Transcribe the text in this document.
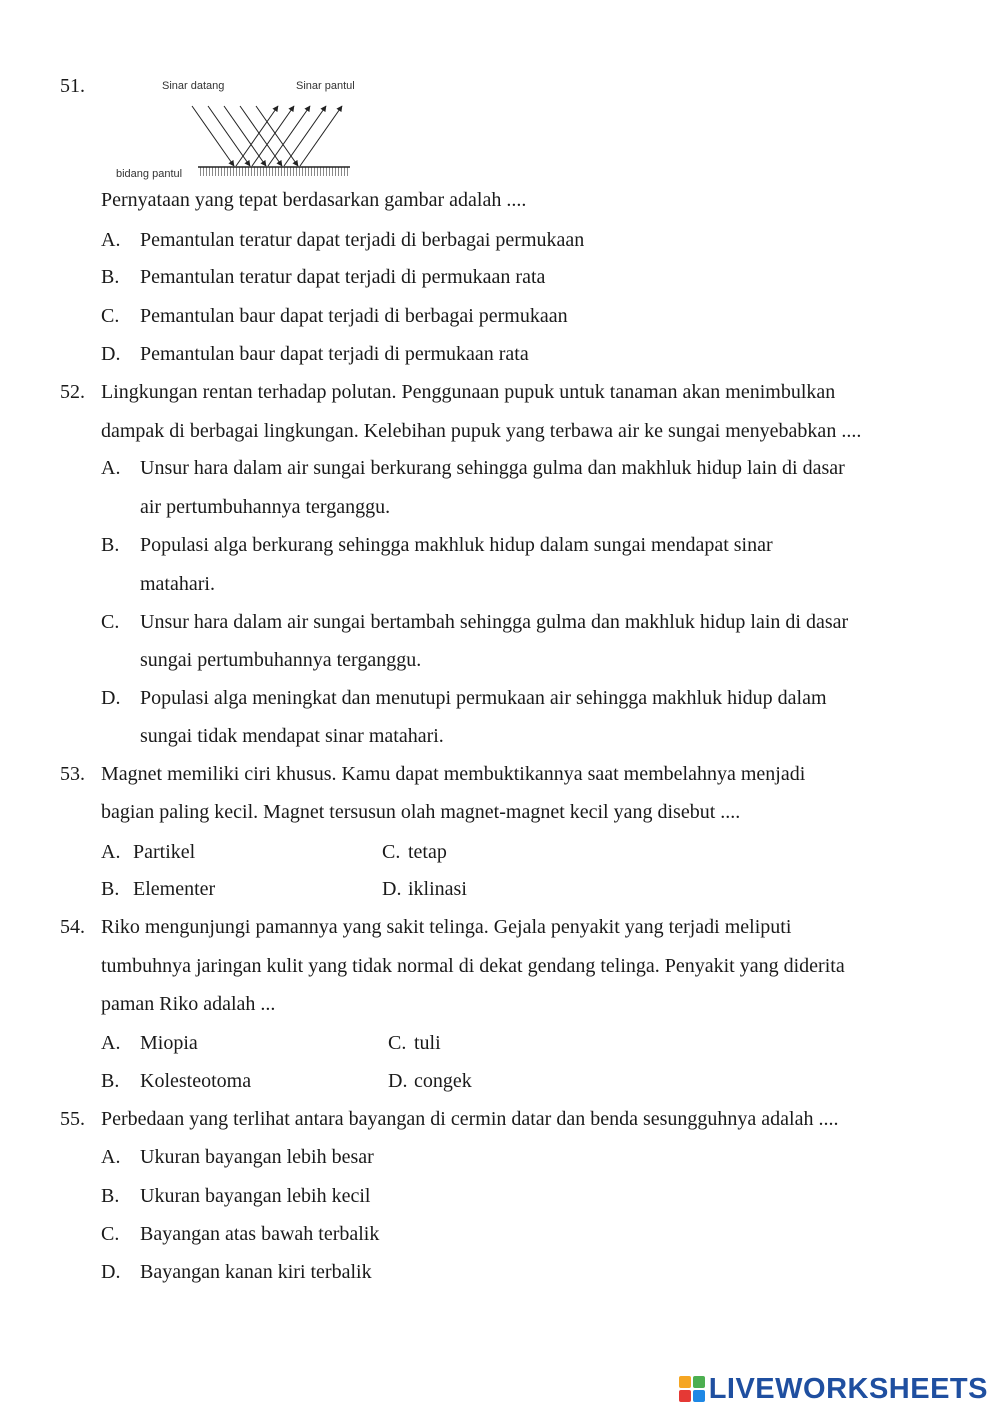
51.	Sinar datang	Sinar pantul
bidang pantul
Pernyataan yang tepat berdasarkan gambar adalah ....
A. Pemantulan teratur dapat terjadi di berbagai permukaan
B. Pemantulan teratur dapat terjadi di permukaan rata
C. Pemantulan baur dapat terjadi di berbagai permukaan
D. Pemantulan baur dapat terjadi di permukaan rata
52. Lingkungan rentan terhadap polutan. Penggunaan pupuk untuk tanaman akan menimbulkan
dampak di berbagai lingkungan. Kelebihan pupuk yang terbawa air ke sungai menyebabkan ....
A. Unsur hara dalam air sungai berkurang sehingga gulma dan makhluk hidup lain di dasar
air pertumbuhannya terganggu.
B. Populasi alga berkurang sehingga makhluk hidup dalam sungai mendapat sinar
matahari.
C. Unsur hara dalam air sungai bertambah sehingga gulma dan makhluk hidup lain di dasar
sungai pertumbuhannya terganggu.
D. Populasi alga meningkat dan menutupi permukaan air sehingga makhluk hidup dalam
sungai tidak mendapat sinar matahari.
53. Magnet memiliki ciri khusus. Kamu dapat membuktikannya saat membelahnya menjadi
bagian paling kecil. Magnet tersusun olah magnet-magnet kecil yang disebut ....
A. Partikel	C. tetap
B. Elementer	D. iklinasi
54. Riko mengunjungi pamannya yang sakit telinga. Gejala penyakit yang terjadi meliputi
tumbuhnya jaringan kulit yang tidak normal di dekat gendang telinga. Penyakit yang diderita
paman Riko adalah ...
A. Miopia	C. tuli
B. Kolesteotoma	D. congek
55. Perbedaan yang terlihat antara bayangan di cermin datar dan benda sesungguhnya adalah ....
A. Ukuran bayangan lebih besar
B. Ukuran bayangan lebih kecil
C. Bayangan atas bawah terbalik
D. Bayangan kanan kiri terbalik
LIVEWORKSHEETS
